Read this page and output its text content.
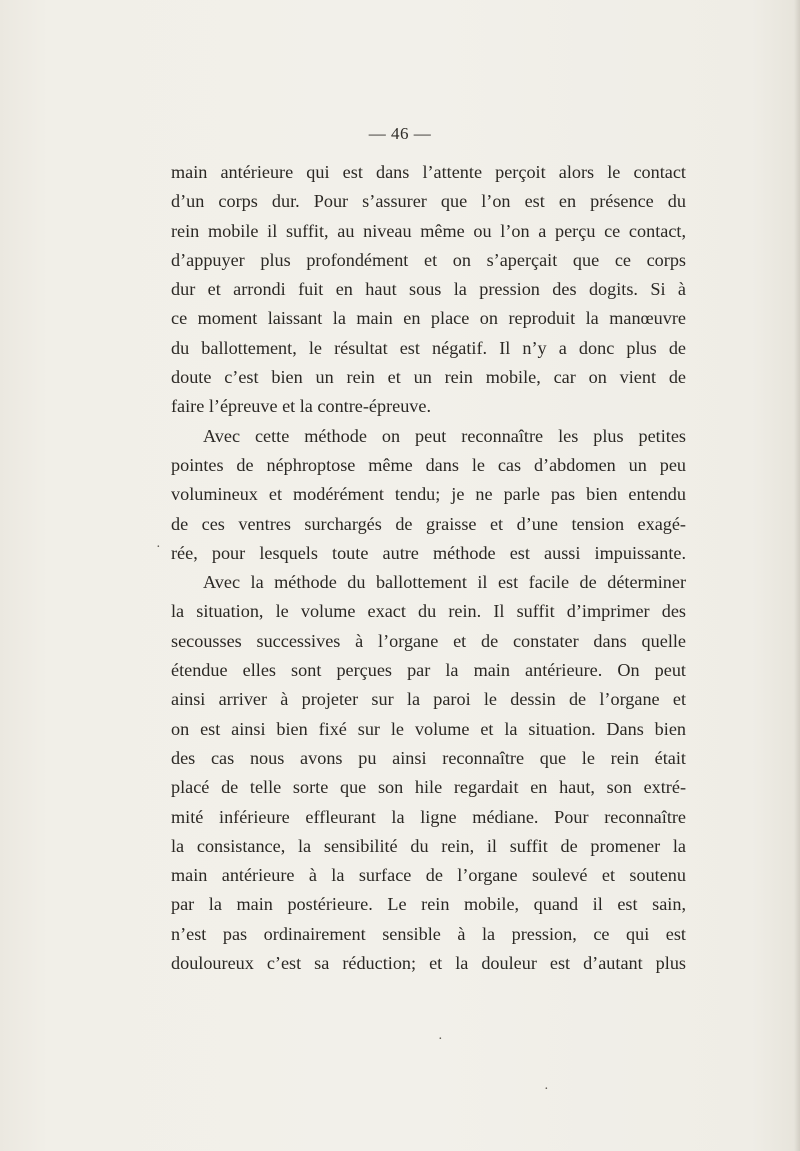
— 46 —
main antérieure qui est dans l’attente perçoit alors le contact
d’un corps dur. Pour s’assurer que l’on est en présence du
rein mobile il suffit, au niveau même ou l’on a perçu ce contact,
d’appuyer plus profondément et on s’aperçait que ce corps
dur et arrondi fuit en haut sous la pression des dogits. Si à
ce moment laissant la main en place on reproduit la manœuvre
du ballottement, le résultat est négatif. Il n’y a donc plus de
doute c’est bien un rein et un rein mobile, car on vient de
faire l’épreuve et la contre-épreuve.
Avec cette méthode on peut reconnaître les plus petites
pointes de néphroptose même dans le cas d’abdomen un peu
volumineux et modérément tendu; je ne parle pas bien entendu
de ces ventres surchargés de graisse et d’une tension exagé-
rée, pour lesquels toute autre méthode est aussi impuissante.
Avec la méthode du ballottement il est facile de déterminer
la situation, le volume exact du rein. Il suffit d’imprimer des
secousses successives à l’organe et de constater dans quelle
étendue elles sont perçues par la main antérieure. On peut
ainsi arriver à projeter sur la paroi le dessin de l’organe et
on est ainsi bien fixé sur le volume et la situation. Dans bien
des cas nous avons pu ainsi reconnaître que le rein était
placé de telle sorte que son hile regardait en haut, son extré-
mité inférieure effleurant la ligne médiane. Pour reconnaître
la consistance, la sensibilité du rein, il suffit de promener la
main antérieure à la surface de l’organe soulevé et soutenu
par la main postérieure. Le rein mobile, quand il est sain,
n’est pas ordinairement sensible à la pression, ce qui est
douloureux c’est sa réduction; et la douleur est d’autant plus
·
·
·
